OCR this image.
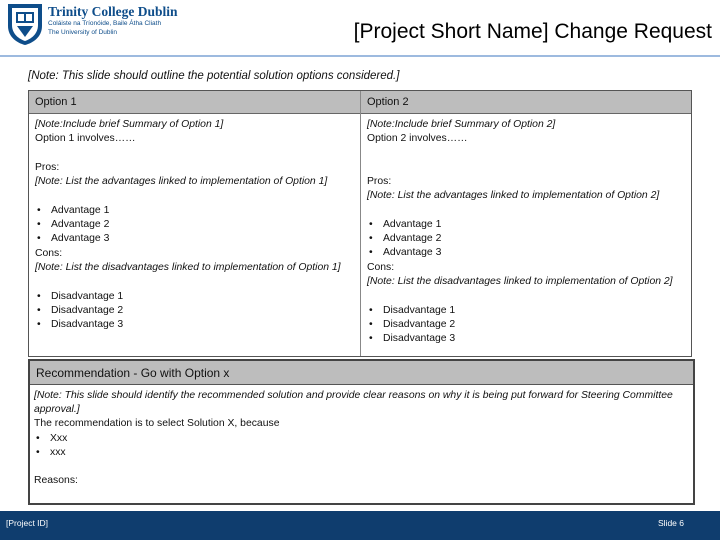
Trinity College Dublin
Coláiste na Tríonóide, Baile Átha Cliath
The University of Dublin	[Project Short Name] Change Request
[Note: This slide should outline the potential solution options considered.]
Option 1
[Note:Include brief Summary of Option 1]
Option 1 involves……
Pros:
[Note: List the advantages linked to implementation of Option 1]
• Advantage 1
• Advantage 2
• Advantage 3
Cons:
[Note: List the disadvantages linked to implementation of Option 1]
• Disadvantage 1
• Disadvantage 2
• Disadvantage 3
Option 2
[Note:Include brief Summary of Option 2]
Option 2 involves……
Pros:
[Note: List the advantages linked to implementation of Option 2]
• Advantage 1
• Advantage 2
• Advantage 3
Cons:
[Note: List the disadvantages linked to implementation of Option 2]
• Disadvantage 1
• Disadvantage 2
• Disadvantage 3
Recommendation - Go with Option x
[Note: This slide should identify the recommended solution and provide clear reasons on why it is being put forward for Steering Committee approval.]
The recommendation is to select Solution X, because
• Xxx
• xxx
Reasons:
[Project ID]	Slide 6
